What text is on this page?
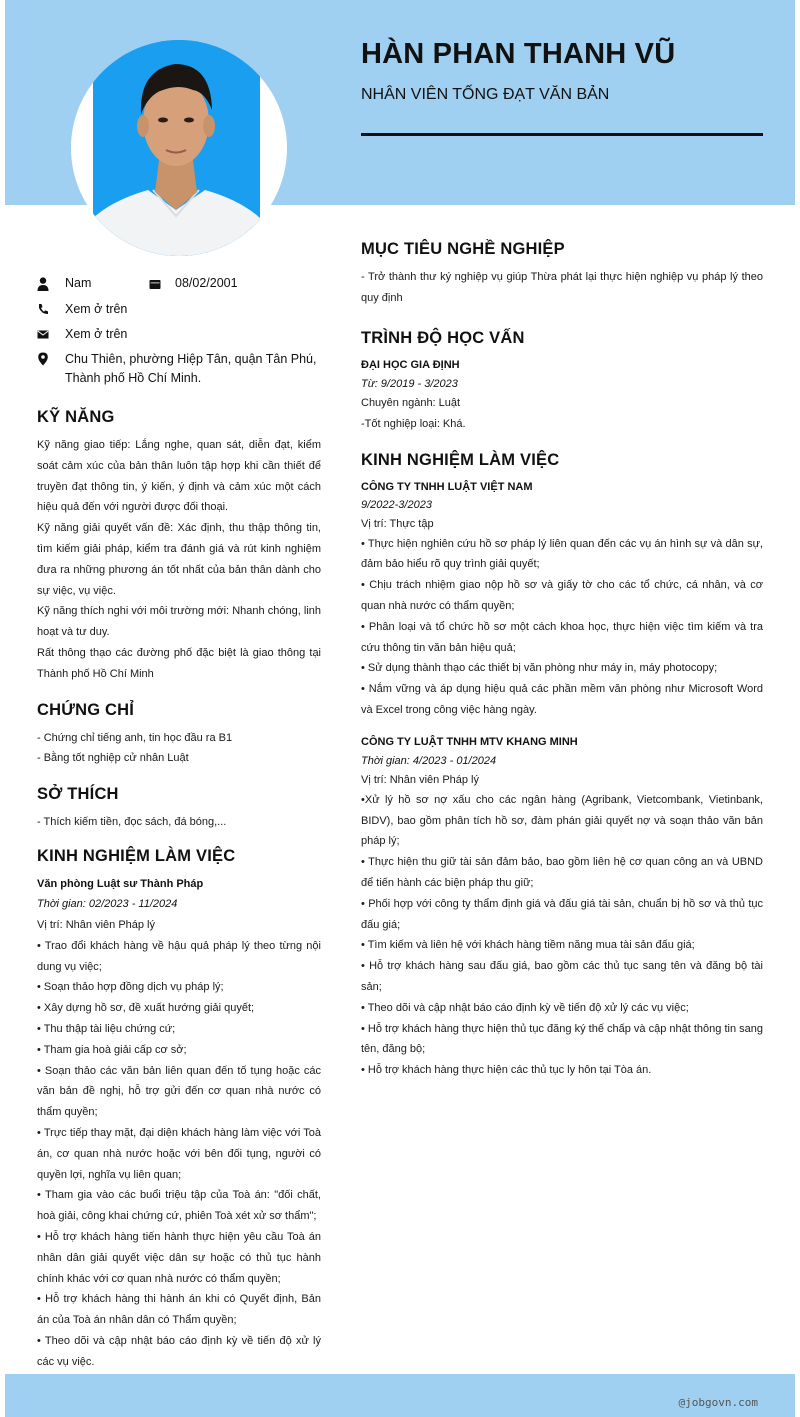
HÀN PHAN THANH VŨ
NHÂN VIÊN TỐNG ĐẠT VĂN BẢN
Nam	08/02/2001
Xem ở trên
Xem ở trên
Chu Thiên, phường Hiệp Tân, quận Tân Phú, Thành phố Hồ Chí Minh.
KỸ NĂNG

Kỹ năng giao tiếp: Lắng nghe, quan sát, diễn đạt, kiểm soát cảm xúc của bản thân luôn tập hợp khi cần thiết để truyền đạt thông tin, ý kiến, ý định và cảm xúc một cách hiệu quả đến với người được đối thoại.

Kỹ năng giải quyết vấn đề: Xác định, thu thập thông tin, tìm kiếm giải pháp, kiểm tra đánh giá và rút kinh nghiệm đưa ra những phương án tốt nhất của bản thân dành cho sự việc, vụ việc.

Kỹ năng thích nghi với môi trường mới: Nhanh chóng, linh hoạt và tư duy.

Rất thông thạo các đường phố đặc biệt là giao thông tại Thành phố Hồ Chí Minh

CHỨNG CHỈ

- Chứng chỉ tiếng anh, tin học đầu ra B1

- Bằng tốt nghiệp cử nhân Luật

SỞ THÍCH
- Thích kiếm tiền, đọc sách, đá bóng,...
KINH NGHIỆM LÀM VIỆC
Văn phòng Luật sư Thành Pháp
Thời gian: 02/2023 - 11/2024
Vị trí: Nhân viên Pháp lý

• Trao đổi khách hàng về hậu quả pháp lý theo từng nội dung vụ việc;

• Soạn thảo hợp đồng dịch vụ pháp lý;

• Xây dựng hồ sơ, đề xuất hướng giải quyết;

• Thu thập tài liệu chứng cứ;

• Tham gia hoà giải cấp cơ sở;

• Soạn thảo các văn bản liên quan đến tố tụng hoặc các văn bản đề nghị, hỗ trợ gửi đến cơ quan nhà nước có thẩm quyền;

• Trực tiếp thay mặt, đại diện khách hàng làm việc với Toà án, cơ quan nhà nước hoặc với bên đối tụng, người có quyền lợi, nghĩa vụ liên quan;

• Tham gia vào các buổi triệu tập của Toà án: "đối chất, hoà giải, công khai chứng cứ, phiên Toà xét xử sơ thẩm";

• Hỗ trợ khách hàng tiến hành thực hiện yêu cầu Toà án nhân dân giải quyết việc dân sự hoặc có thủ tục hành chính khác với cơ quan nhà nước có thẩm quyền;

• Hỗ trợ khách hàng thi hành án khi có Quyết định, Bản án của Toà án nhân dân có Thẩm quyền;

• Theo dõi và cập nhật báo cáo định kỳ về tiến độ xử lý các vụ việc.

MỤC TIÊU NGHỀ NGHIỆP
- Trở thành thư ký nghiệp vụ giúp Thừa phát lại thực hiện nghiệp vụ pháp lý theo quy định
TRÌNH ĐỘ HỌC VẤN
ĐẠI HỌC GIA ĐỊNH
Từ: 9/2019 - 3/2023
Chuyên ngành: Luật
-Tốt nghiệp loại: Khá.
KINH NGHIỆM LÀM VIỆC
CÔNG TY TNHH LUẬT VIỆT NAM
9/2022-3/2023
Vị trí: Thực tập

• Thực hiện nghiên cứu hồ sơ pháp lý liên quan đến các vụ án hình sự và dân sự, đảm bảo hiểu rõ quy trình giải quyết;

• Chịu trách nhiệm giao nộp hồ sơ và giấy tờ cho các tổ chức, cá nhân, và cơ quan nhà nước có thẩm quyền;

• Phân loại và tổ chức hồ sơ một cách khoa học, thực hiện việc tìm kiếm và tra cứu thông tin văn bản hiệu quả;

• Sử dụng thành thạo các thiết bị văn phòng như máy in, máy photocopy;

• Nắm vững và áp dụng hiệu quả các phần mềm văn phòng như Microsoft Word và Excel trong công việc hàng ngày.

CÔNG TY LUẬT TNHH MTV KHANG MINH
Thời gian: 4/2023 - 01/2024
Vị trí: Nhân viên Pháp lý

•Xử lý hồ sơ nợ xấu cho các ngân hàng (Agribank, Vietcombank, Vietinbank, BIDV), bao gồm phân tích hồ sơ, đàm phán giải quyết nợ và soạn thảo văn bản pháp lý;

• Thực hiện thu giữ tài sản đảm bảo, bao gồm liên hệ cơ quan công an và UBND để tiến hành các biện pháp thu giữ;

• Phối hợp với công ty thẩm định giá và đấu giá tài sản, chuẩn bị hồ sơ và thủ tục đấu giá;

• Tìm kiếm và liên hệ với khách hàng tiềm năng mua tài sản đấu giá;

• Hỗ trợ khách hàng sau đấu giá, bao gồm các thủ tục sang tên và đăng bộ tài sản;

• Theo dõi và cập nhật báo cáo định kỳ về tiến độ xử lý các vụ việc;

• Hỗ trợ khách hàng thực hiện thủ tục đăng ký thế chấp và cập nhật thông tin sang tên, đăng bộ;

• Hỗ trợ khách hàng thực hiện các thủ tục ly hôn tại Tòa án.

@jobgovn.com
